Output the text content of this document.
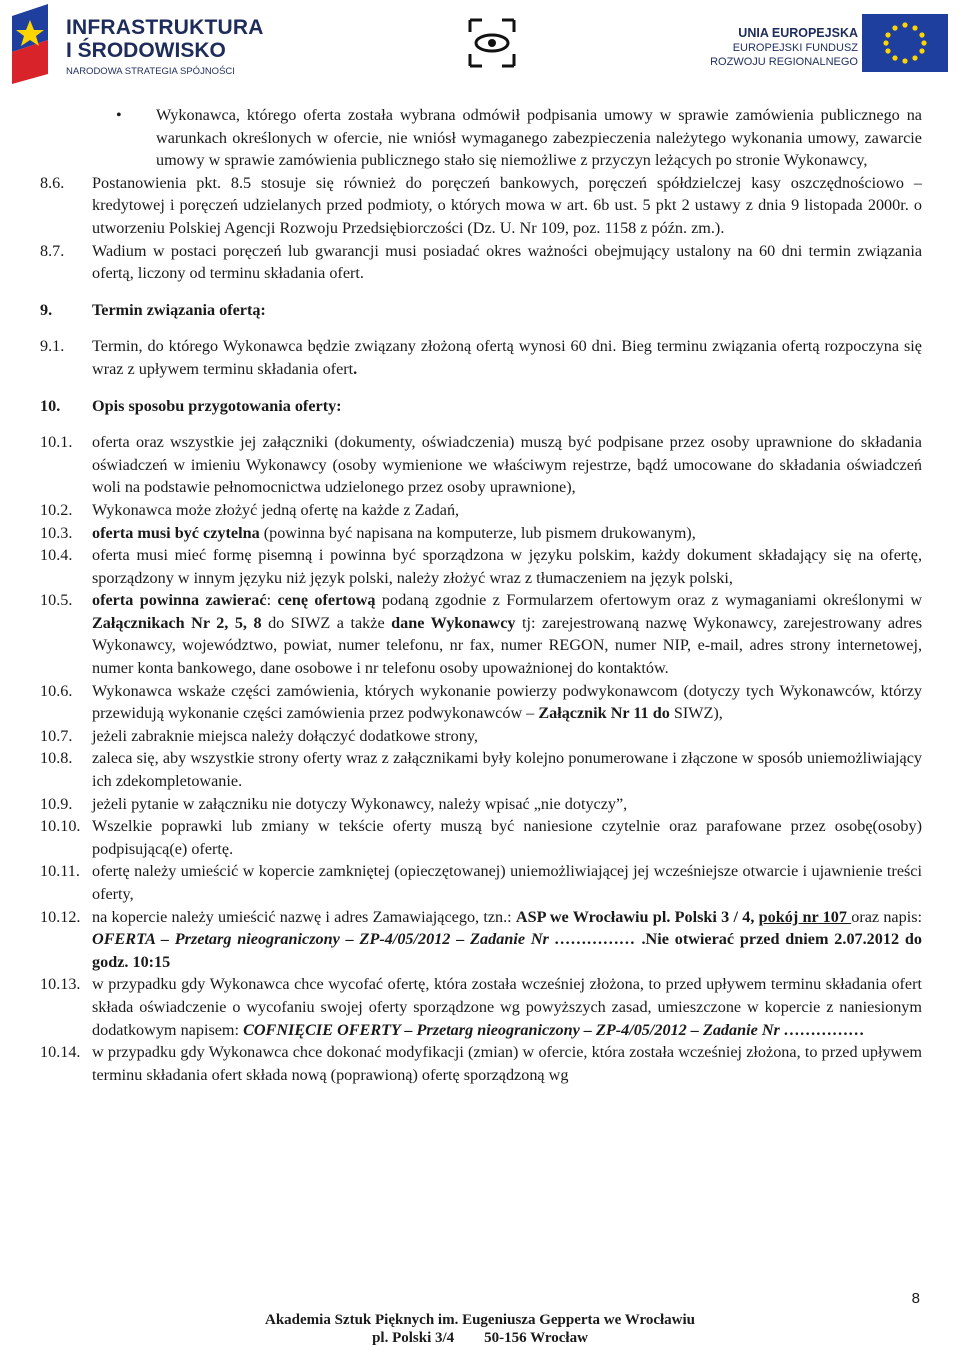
INFRASTRUKTURA
I ŚRODOWISKO
NARODOWA STRATEGIA SPÓJNOŚCI
UNIA EUROPEJSKA
EUROPEJSKI FUNDUSZ
ROZWOJU REGIONALNEGO
• Wykonawca, którego oferta została wybrana odmówił podpisania umowy w sprawie zamówienia publicznego na warunkach określonych w ofercie, nie wniósł wymaganego zabezpieczenia należytego wykonania umowy, zawarcie umowy w sprawie zamówienia publicznego stało się niemożliwe z przyczyn leżących po stronie Wykonawcy,
8.6. Postanowienia pkt. 8.5 stosuje się również do poręczeń bankowych, poręczeń spółdzielczej kasy oszczędnościowo – kredytowej i poręczeń udzielanych przed podmioty, o których mowa w art. 6b ust. 5 pkt 2 ustawy z dnia 9 listopada 2000r. o utworzeniu Polskiej Agencji Rozwoju Przedsiębiorczości (Dz. U. Nr 109, poz. 1158 z późn. zm.).
8.7. Wadium w postaci poręczeń lub gwarancji musi posiadać okres ważności obejmujący ustalony na 60 dni termin związania ofertą, liczony od terminu składania ofert.
9. Termin związania ofertą:
9.1. Termin, do którego Wykonawca będzie związany złożoną ofertą wynosi 60 dni. Bieg terminu związania ofertą rozpoczyna się wraz z upływem terminu składania ofert.
10. Opis sposobu przygotowania oferty:
10.1. oferta oraz wszystkie jej załączniki (dokumenty, oświadczenia) muszą być podpisane przez osoby uprawnione do składania oświadczeń w imieniu Wykonawcy (osoby wymienione we właściwym rejestrze, bądź umocowane do składania oświadczeń woli na podstawie pełnomocnictwa udzielonego przez osoby uprawnione),
10.2. Wykonawca może złożyć jedną ofertę na każde z Zadań,
10.3. oferta musi być czytelna (powinna być napisana na komputerze, lub pismem drukowanym),
10.4. oferta musi mieć formę pisemną i powinna być sporządzona w języku polskim, każdy dokument składający się na ofertę, sporządzony w innym języku niż język polski, należy złożyć wraz z tłumaczeniem na język polski,
10.5. oferta powinna zawierać: cenę ofertową podaną zgodnie z Formularzem ofertowym oraz z wymaganiami określonymi w Załącznikach Nr 2, 5, 8 do SIWZ a także dane Wykonawcy tj: zarejestrowaną nazwę Wykonawcy, zarejestrowany adres Wykonawcy, województwo, powiat, numer telefonu, nr fax, numer REGON, numer NIP, e-mail, adres strony internetowej, numer konta bankowego, dane osobowe i nr telefonu osoby upoważnionej do kontaktów.
10.6. Wykonawca wskaże części zamówienia, których wykonanie powierzy podwykonawcom (dotyczy tych Wykonawców, którzy przewidują wykonanie części zamówienia przez podwykonawców – Załącznik Nr 11 do SIWZ),
10.7. jeżeli zabraknie miejsca należy dołączyć dodatkowe strony,
10.8. zaleca się, aby wszystkie strony oferty wraz z załącznikami były kolejno ponumerowane i złączone w sposób uniemożliwiający ich zdekompletowanie.
10.9. jeżeli pytanie w załączniku nie dotyczy Wykonawcy, należy wpisać „nie dotyczy”,
10.10. Wszelkie poprawki lub zmiany w tekście oferty muszą być naniesione czytelnie oraz parafowane przez osobę(osoby) podpisującą(e) ofertę.
10.11. ofertę należy umieścić w kopercie zamkniętej (opieczętowanej) uniemożliwiającej jej wcześniejsze otwarcie i ujawnienie treści oferty,
10.12. na kopercie należy umieścić nazwę i adres Zamawiającego, tzn.: ASP we Wrocławiu pl. Polski 3 / 4, pokój nr 107 oraz napis: OFERTA – Przetarg nieograniczony – ZP-4/05/2012 – Zadanie Nr …………… .Nie otwierać przed dniem 2.07.2012 do godz. 10:15
10.13. w przypadku gdy Wykonawca chce wycofać ofertę, która została wcześniej złożona, to przed upływem terminu składania ofert składa oświadczenie o wycofaniu swojej oferty sporządzone wg powyższych zasad, umieszczone w kopercie z naniesionym dodatkowym napisem: COFNIĘCIE OFERTY – Przetarg nieograniczony – ZP-4/05/2012 – Zadanie Nr ……………
10.14. w przypadku gdy Wykonawca chce dokonać modyfikacji (zmian) w ofercie, która została wcześniej złożona, to przed upływem terminu składania ofert składa nową (poprawioną) ofertę sporządzoną wg
8
Akademia Sztuk Pięknych im. Eugeniusza Gepperta we Wrocławiu
pl. Polski 3/4        50-156 Wrocław
